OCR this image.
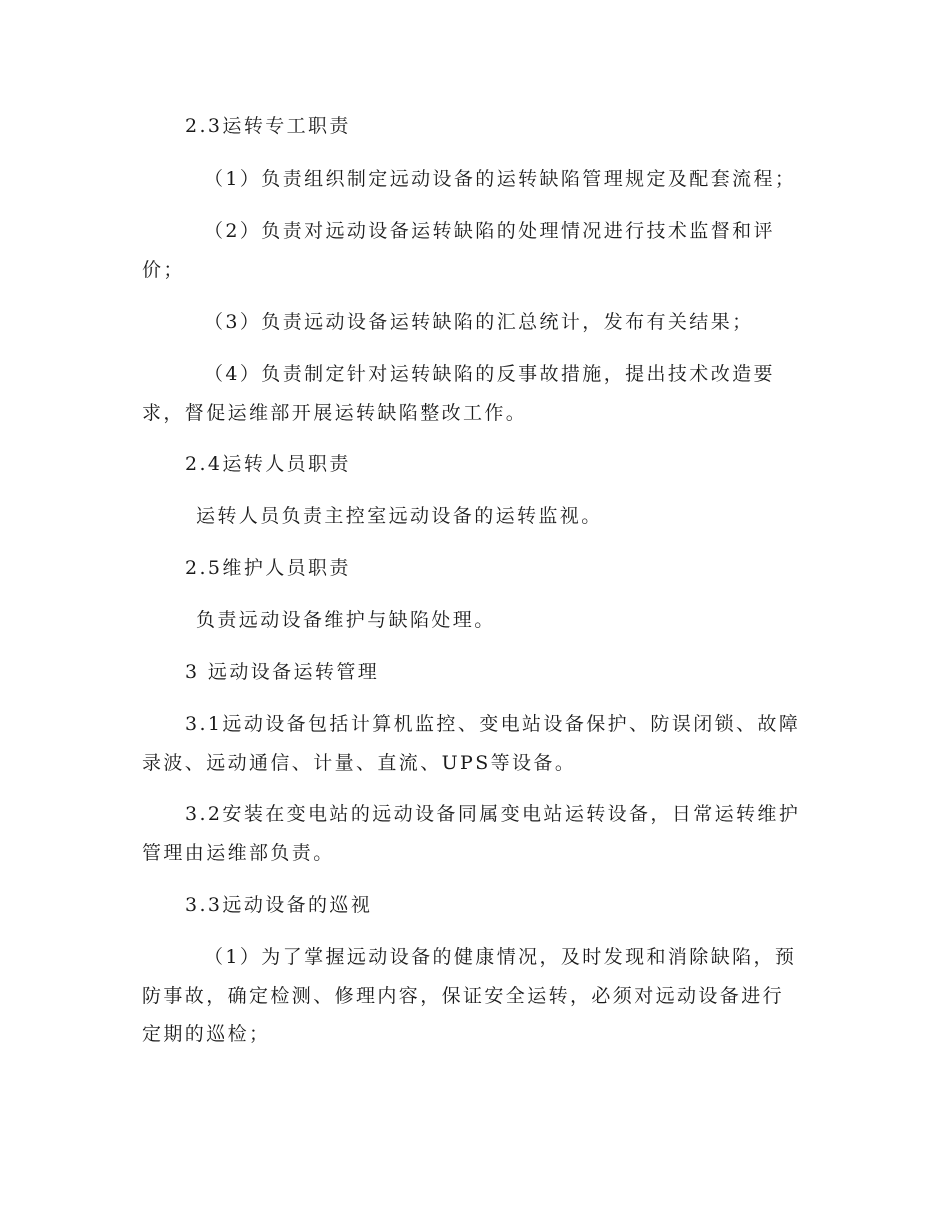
2.3运转专工职责
（1）负责组织制定远动设备的运转缺陷管理规定及配套流程；
（2）负责对远动设备运转缺陷的处理情况进行技术监督和评
价；
（3）负责远动设备运转缺陷的汇总统计，发布有关结果；
（4）负责制定针对运转缺陷的反事故措施，提出技术改造要
求，督促运维部开展运转缺陷整改工作。
2.4运转人员职责
运转人员负责主控室远动设备的运转监视。
2.5维护人员职责
负责远动设备维护与缺陷处理。
3 远动设备运转管理
3.1远动设备包括计算机监控、变电站设备保护、防误闭锁、故障
录波、远动通信、计量、直流、UPS等设备。
3.2安装在变电站的远动设备同属变电站运转设备，日常运转维护
管理由运维部负责。
3.3远动设备的巡视
（1）为了掌握远动设备的健康情况，及时发现和消除缺陷，预
防事故，确定检测、修理内容，保证安全运转，必须对远动设备进行
定期的巡检；
